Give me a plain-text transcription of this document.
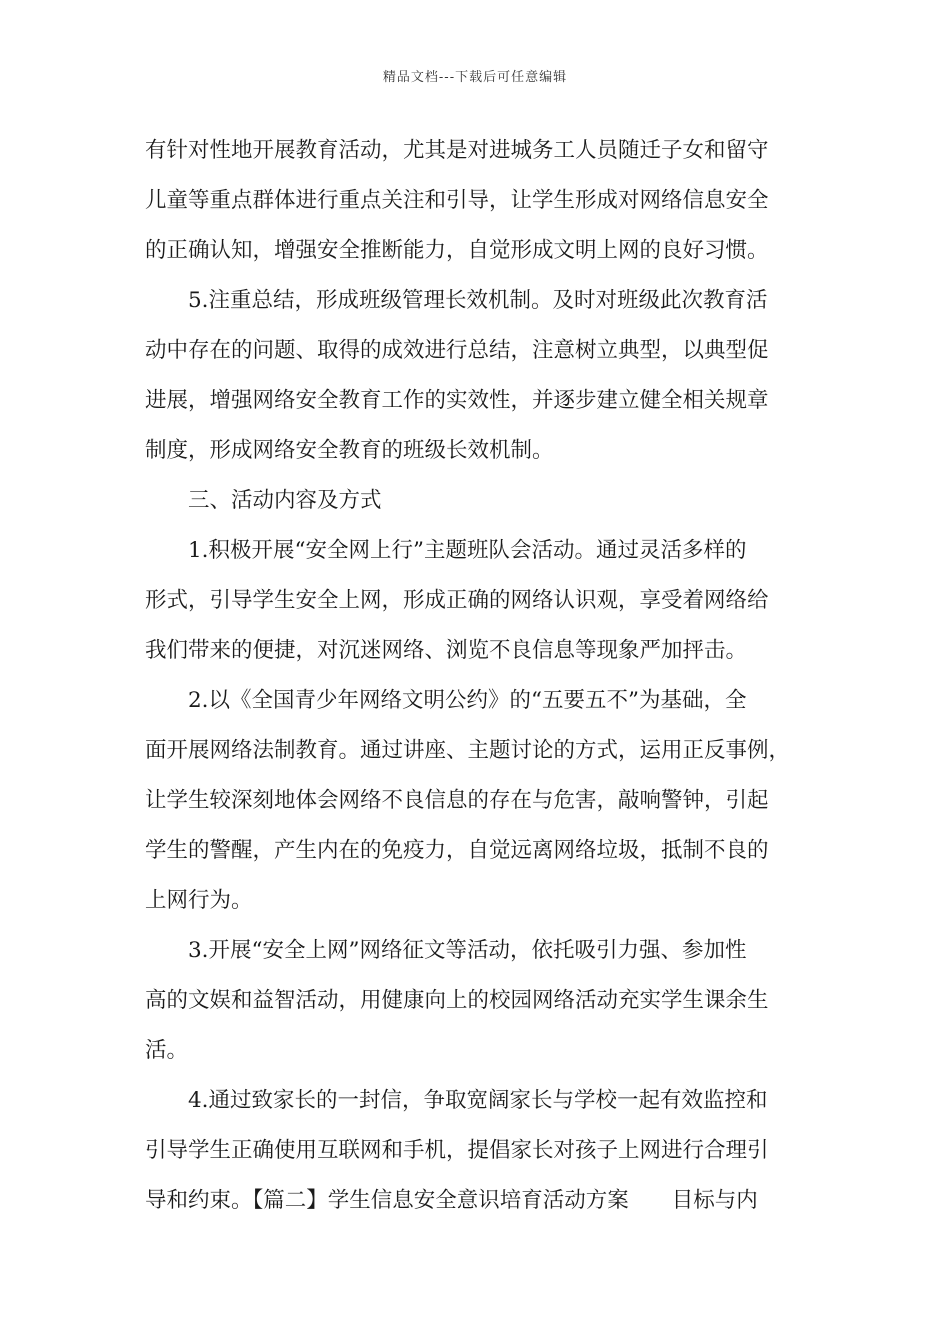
精品文档---下载后可任意编辑
有针对性地开展教育活动，尤其是对进城务工人员随迁子女和留守
儿童等重点群体进行重点关注和引导，让学生形成对网络信息安全
的正确认知，增强安全推断能力，自觉形成文明上网的良好习惯。
5.注重总结，形成班级管理长效机制。及时对班级此次教育活
动中存在的问题、取得的成效进行总结，注意树立典型，以典型促
进展，增强网络安全教育工作的实效性，并逐步建立健全相关规章
制度，形成网络安全教育的班级长效机制。
三、活动内容及方式
1.积极开展“安全网上行”主题班队会活动。通过灵活多样的
形式，引导学生安全上网，形成正确的网络认识观，享受着网络给
我们带来的便捷，对沉迷网络、浏览不良信息等现象严加抨击。
2.以《全国青少年网络文明公约》的“五要五不”为基础，全
面开展网络法制教育。通过讲座、主题讨论的方式，运用正反事例，
让学生较深刻地体会网络不良信息的存在与危害，敲响警钟，引起
学生的警醒，产生内在的免疫力，自觉远离网络垃圾，抵制不良的
上网行为。
3.开展“安全上网”网络征文等活动，依托吸引力强、参加性
高的文娱和益智活动，用健康向上的校园网络活动充实学生课余生
活。
4.通过致家长的一封信，争取宽阔家长与学校一起有效监控和
引导学生正确使用互联网和手机，提倡家长对孩子上网进行合理引
导和约束。【篇二】学生信息安全意识培育活动方案　　目标与内
